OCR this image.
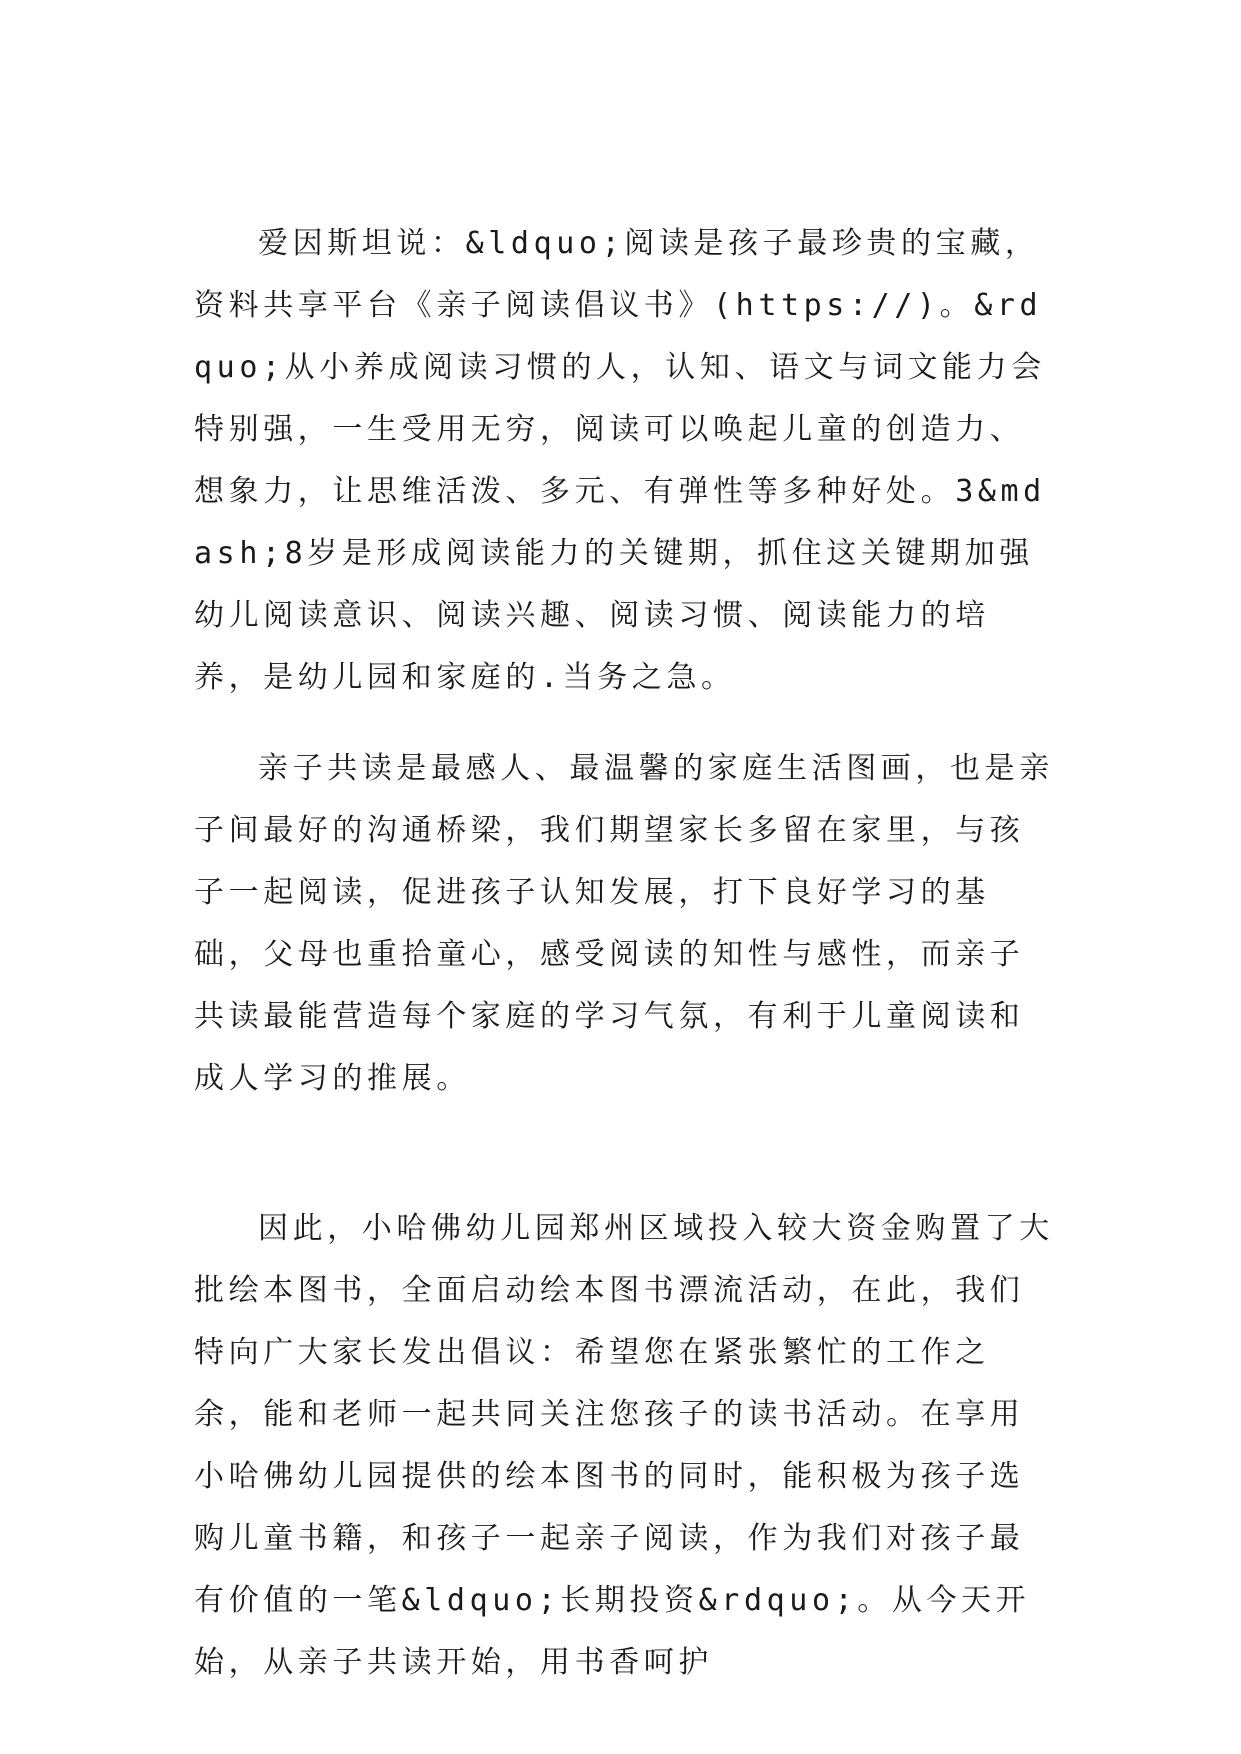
爱因斯坦说：&ldquo;阅读是孩子最珍贵的宝藏，资料共享平台《亲子阅读倡议书》(https://)。&rdquo;从小养成阅读习惯的人，认知、语文与词文能力会特别强，一生受用无穷，阅读可以唤起儿童的创造力、想象力，让思维活泼、多元、有弹性等多种好处。3&mdash;8岁是形成阅读能力的关键期，抓住这关键期加强幼儿阅读意识、阅读兴趣、阅读习惯、阅读能力的培养，是幼儿园和家庭的.当务之急。

亲子共读是最感人、最温馨的家庭生活图画，也是亲子间最好的沟通桥梁，我们期望家长多留在家里，与孩子一起阅读，促进孩子认知发展，打下良好学习的基础，父母也重拾童心，感受阅读的知性与感性，而亲子共读最能营造每个家庭的学习气氛，有利于儿童阅读和成人学习的推展。

因此，小哈佛幼儿园郑州区域投入较大资金购置了大批绘本图书，全面启动绘本图书漂流活动，在此，我们特向广大家长发出倡议：希望您在紧张繁忙的工作之余，能和老师一起共同关注您孩子的读书活动。在享用小哈佛幼儿园提供的绘本图书的同时，能积极为孩子选购儿童书籍，和孩子一起亲子阅读，作为我们对孩子最有价值的一笔&ldquo;长期投资&rdquo;。从今天开始，从亲子共读开始，用书香呵护
